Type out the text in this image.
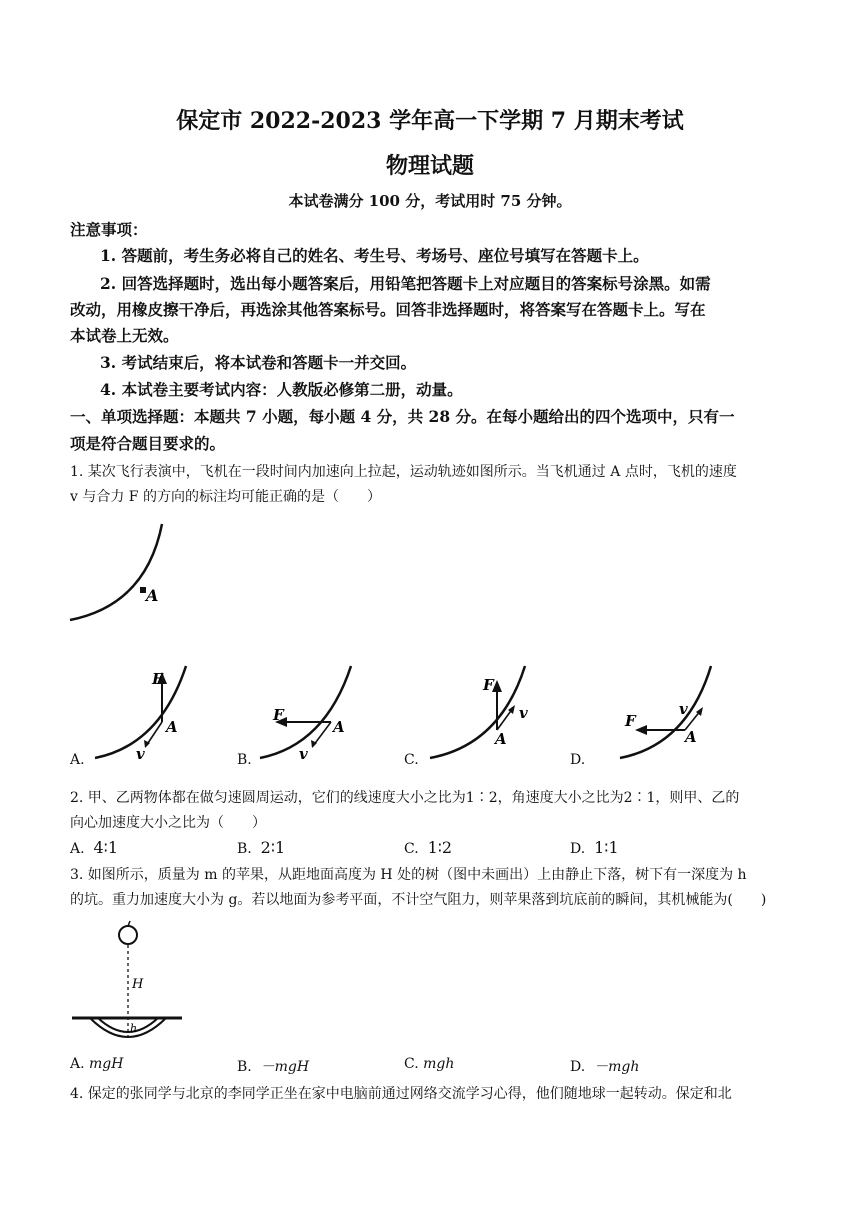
保定市 2022-2023 学年高一下学期 7 月期末考试
物理试题
本试卷满分 100 分，考试用时 75 分钟。
注意事项：
1. 答题前，考生务必将自己的姓名、考生号、考场号、座位号填写在答题卡上。
2. 回答选择题时，选出每小题答案后，用铅笔把答题卡上对应题目的答案标号涂黑。如需
改动，用橡皮擦干净后，再选涂其他答案标号。回答非选择题时，将答案写在答题卡上。写在
本试卷上无效。
3. 考试结束后，将本试卷和答题卡一并交回。
4. 本试卷主要考试内容：人教版必修第二册，动量。
一、单项选择题：本题共 7 小题，每小题 4 分，共 28 分。在每小题给出的四个选项中，只有一
项是符合题目要求的。
1. 某次飞行表演中，飞机在一段时间内加速向上拉起，运动轨迹如图所示。当飞机通过 A 点时，飞机的速度
v 与合力 F 的方向的标注均可能正确的是（　　）
A
F
A
v
F
A
v
F
A
v	F
A
v
A.	B.	C.	D.
2. 甲、乙两物体都在做匀速圆周运动，它们的线速度大小之比为1∶2，角速度大小之比为2∶1，则甲、乙的
向心加速度大小之比为（　　）
A. 4∶1	B. 2∶1	C. 1∶2	D. 1∶1
3. 如图所示，质量为 m 的苹果，从距地面高度为 H 处的树（图中未画出）上由静止下落，树下有一深度为 h
的坑。重力加速度大小为 g。若以地面为参考平面，不计空气阻力，则苹果落到坑底前的瞬间，其机械能为(　　)
H
h
A. mgH	B. －mgH	C. mgh	D. －mgh
4. 保定的张同学与北京的李同学正坐在家中电脑前通过网络交流学习心得，他们随地球一起转动。保定和北
